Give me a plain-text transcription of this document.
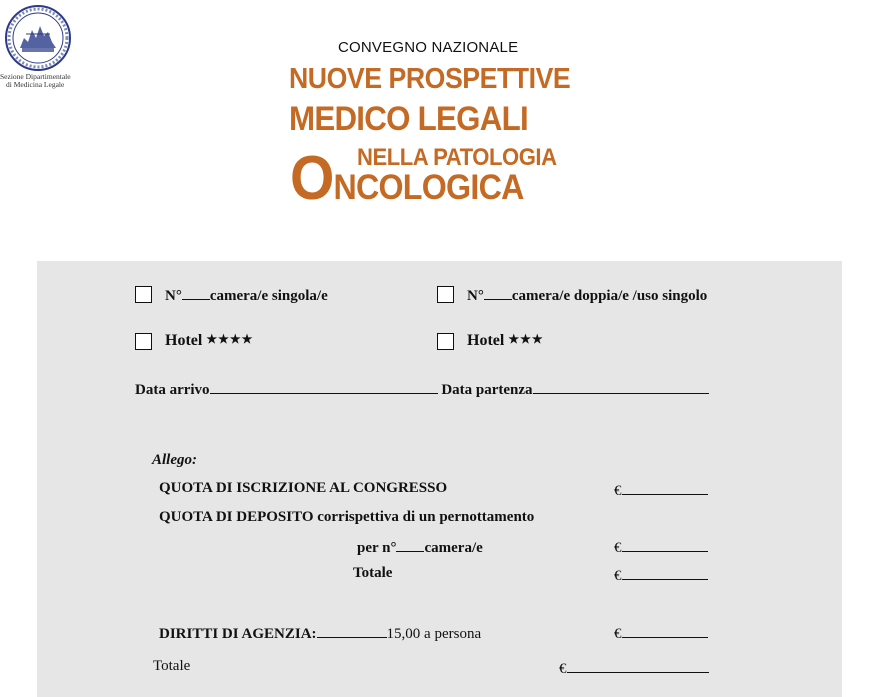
Sezione Dipartimentale
di Medicina Legale
CONVEGNO NAZIONALE
NUOVE PROSPETTIVE
MEDICO LEGALI
NELLA PATOLOGIA
ONCOLOGICA
N° camera/e singola/e	N° camera/e doppia/e /uso singolo
Hotel ★★★★	Hotel ★★★
Data arrivo	Data partenza
Allego:
QUOTA DI ISCRIZIONE AL CONGRESSO	€
QUOTA DI DEPOSITO corrispettiva di un pernottamento
per n° camera/e	€
Totale	€
DIRITTI DI AGENZIA:	15,00 a persona	€
Totale	€
